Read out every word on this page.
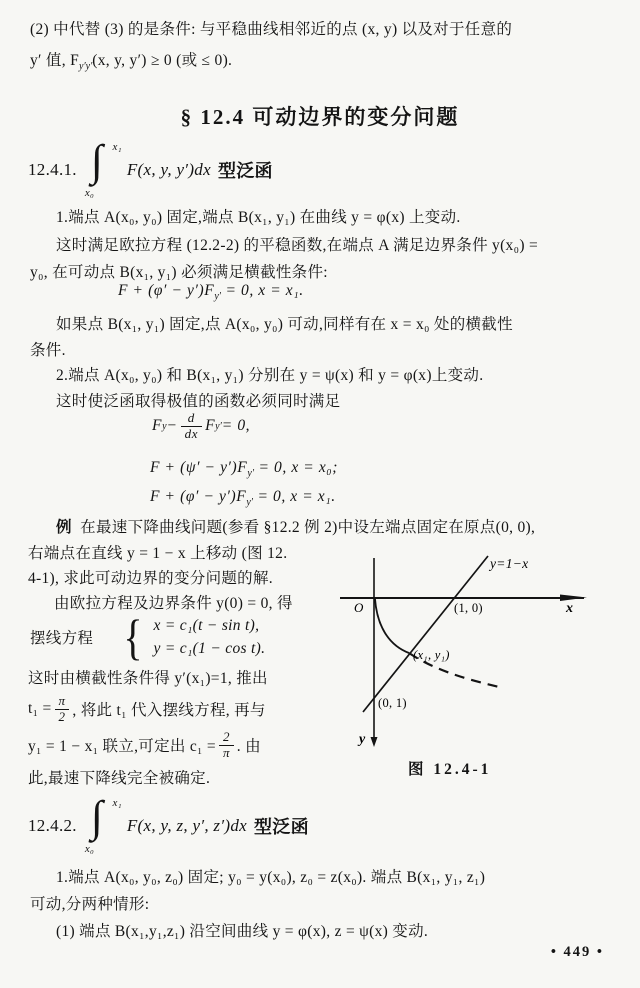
(2) 中代替 (3) 的是条件: 与平稳曲线相邻近的点 (x, y) 以及对于任意的
y′ 值, $F_{y'y'}(x$, y, y′) ≥ 0 (或 ≤ 0).
§ 12.4 可动边界的变分问题
12.4.1.
x₁
∫
x₀
F(x, y, y′)dx 型泛函
1.端点 A(x₀, y₀) 固定,端点 B(x₁, y₁) 在曲线 y = φ(x) 上变动.
这时满足欧拉方程 (12.2-2) 的平稳函数,在端点 A 满足边界条件 y(x₀) =
y₀, 在可动点 B(x₁, y₁) 必须满足横截性条件:
$F + (\varphi' - y')F_{y'} = 0$, x = x₁.
如果点 B(x₁, y₁) 固定,点 A(x₀, y₀) 可动,同样有在 x = x₀ 处的横截性
条件.
2.端点 A(x₀, y₀) 和 B(x₁, y₁) 分别在 y = ψ(x) 和 y = φ(x)上变动.
这时使泛函取得极值的函数必须同时满足
F $y - \frac{d}{dx}$ F y′ = 0,
$F + (\psi' - y')F_{y'} = 0$, x = x₀;
$F + (\varphi' - y')F_{y'} = 0$, x = x₁.
例 在最速下降曲线问题(参看 §12.2 例 2)中设左端点固定在原点(0, 0),
右端点在直线 y = 1 − x 上移动 (图 12.
4-1), 求此可动边界的变分问题的解.
由欧拉方程及边界条件 y(0) = 0, 得
摆线方程 { x = c₁(t − sin t),
y = c₁(1 − cos t).
这时由横截性条件得 y′(x₁)=1, 推出
$t_1 = \frac{\pi}{2}$ , 将此 t₁ 代入摆线方程, 再与
y₁ = 1 − x₁ 联立,可定出 $c_1 = \frac{2}{\pi}$ . 由
此,最速下降线完全被确定.
O	x
y
y=1−x
(1, 0)
(x₁, y₁)
(0, 1)
图 12.4-1
12.4.2.
x₁
∫
x₀
F(x, y, z, y′, z′)dx 型泛函
1.端点 A(x₀, y₀, z₀) 固定; y₀ = y(x₀), z₀ = z(x₀). 端点 B(x₁, y₁, z₁)
可动,分两种情形:
(1) 端点 B(x₁,y₁,z₁) 沿空间曲线 y = φ(x), z = ψ(x) 变动.
• 449 •
